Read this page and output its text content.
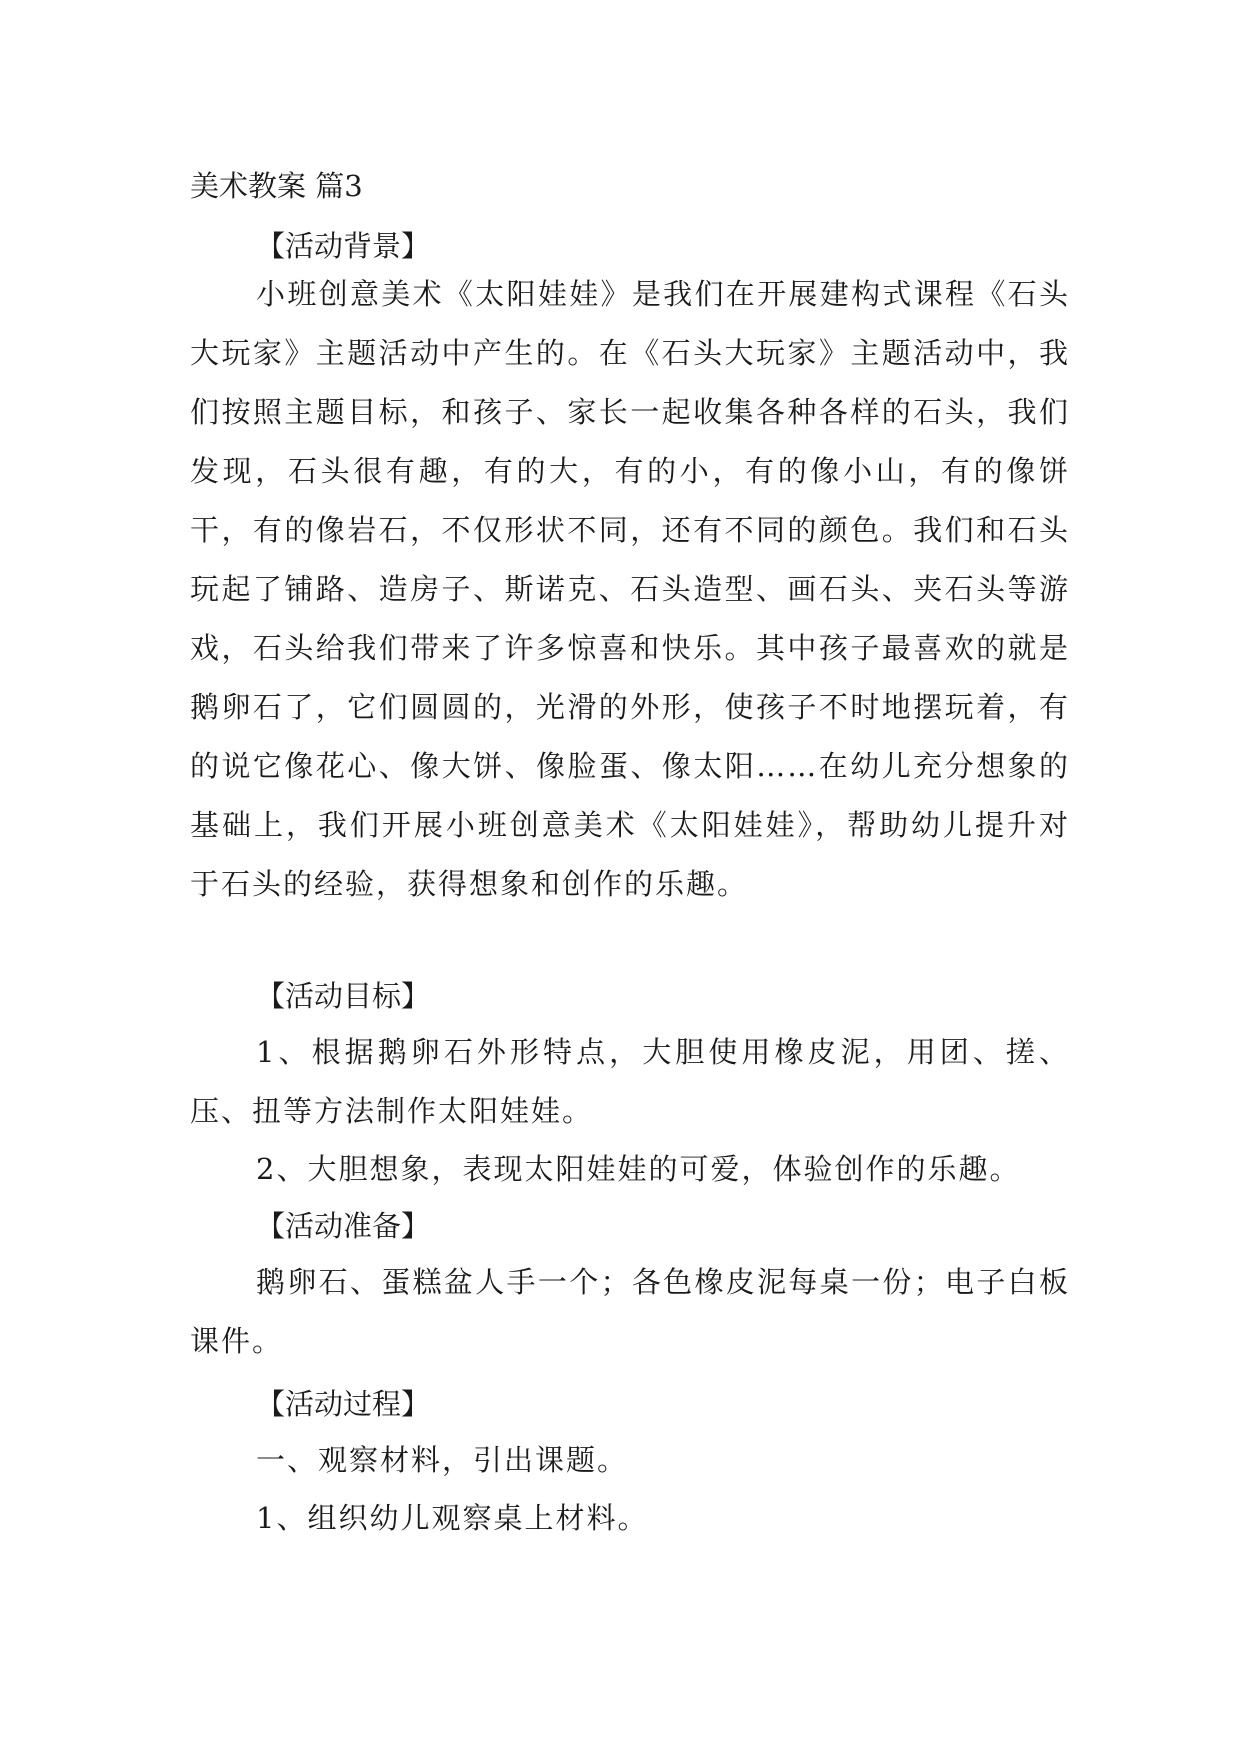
美术教案 篇3
【活动背景】
小班创意美术《太阳娃娃》是我们在开展建构式课程《石头大玩家》主题活动中产生的。在《石头大玩家》主题活动中，我们按照主题目标，和孩子、家长一起收集各种各样的石头，我们发现，石头很有趣，有的大，有的小，有的像小山，有的像饼干，有的像岩石，不仅形状不同，还有不同的颜色。我们和石头玩起了铺路、造房子、斯诺克、石头造型、画石头、夹石头等游戏，石头给我们带来了许多惊喜和快乐。其中孩子最喜欢的就是鹅卵石了，它们圆圆的，光滑的外形，使孩子不时地摆玩着，有的说它像花心、像大饼、像脸蛋、像太阳……在幼儿充分想象的基础上，我们开展小班创意美术《太阳娃娃》，帮助幼儿提升对于石头的经验，获得想象和创作的乐趣。
【活动目标】
1、根据鹅卵石外形特点，大胆使用橡皮泥，用团、搓、压、扭等方法制作太阳娃娃。
2、大胆想象，表现太阳娃娃的可爱，体验创作的乐趣。
【活动准备】
鹅卵石、蛋糕盆人手一个；各色橡皮泥每桌一份；电子白板课件。
【活动过程】
一、观察材料，引出课题。
1、组织幼儿观察桌上材料。
